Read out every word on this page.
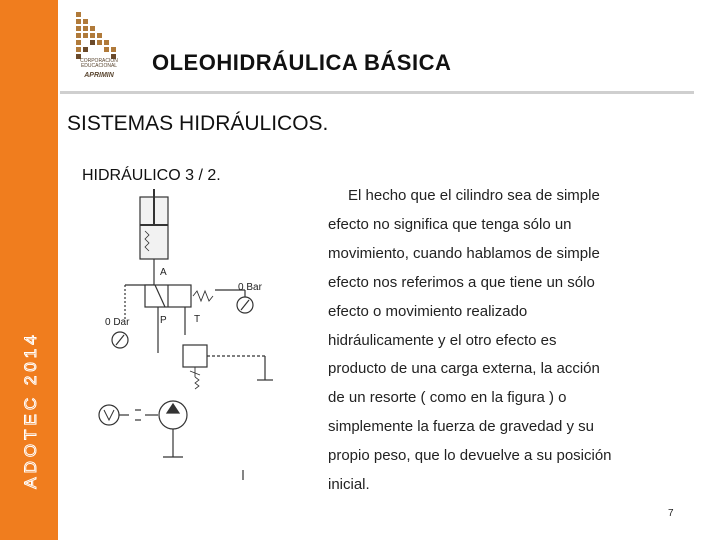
ADOTEC 2014
CORPORACIÓN EDUCACIONAL
APRIMIN
OLEOHIDRÁULICA BÁSICA
SISTEMAS HIDRÁULICOS.
HIDRÁULICO 3 / 2.
A
P	T
0 Dar
0 Bar
El hecho que el cilindro sea de simple
efecto no significa que tenga sólo un
movimiento, cuando hablamos de simple
efecto nos referimos a que tiene un sólo
efecto o movimiento realizado
hidráulicamente y el otro efecto es
producto de una carga externa, la acción
de un resorte ( como en la figura ) o
simplemente la fuerza de gravedad y su
propio peso, que lo devuelve a su posición
inicial.
7
